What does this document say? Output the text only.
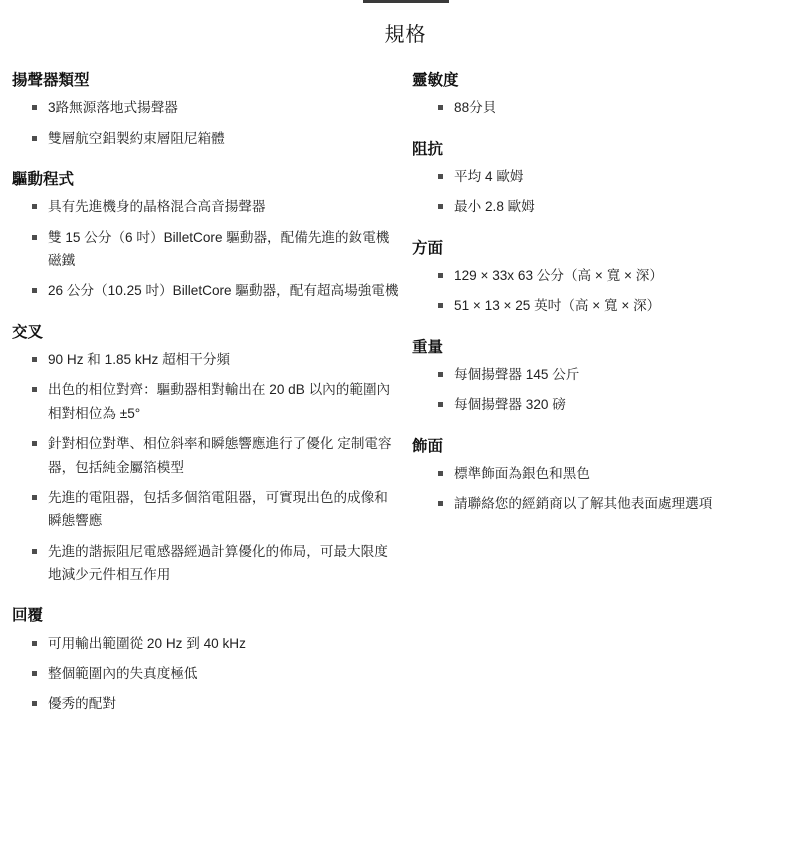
規格
揚聲器類型
3路無源落地式揚聲器
雙層航空鋁製約束層阻尼箱體
驅動程式
具有先進機身的晶格混合高音揚聲器
雙 15 公分（6 吋）BilletCore 驅動器，配備先進的釹電機磁鐵
26 公分（10.25 吋）BilletCore 驅動器，配有超高場強電機
交叉
90 Hz 和 1.85 kHz 超相干分頻
出色的相位對齊：驅動器相對輸出在 20 dB 以內的範圍內相對相位為 ±5°
針對相位對準、相位斜率和瞬態響應進行了優化 定制電容器，包括純金屬箔模型
先進的電阻器，包括多個箔電阻器，可實現出色的成像和瞬態響應
先進的諧振阻尼電感器經過計算優化的佈局，可最大限度地減少元件相互作用
回覆
可用輸出範圍從 20 Hz 到 40 kHz
整個範圍內的失真度極低
優秀的配對
靈敏度
88分貝
阻抗
平均 4 歐姆
最小 2.8 歐姆
方面
129 × 33x 63 公分（高 × 寬 × 深）
51 × 13 × 25 英吋（高 × 寬 × 深）
重量
每個揚聲器 145 公斤
每個揚聲器 320 磅
飾面
標準飾面為銀色和黑色
請聯絡您的經銷商以了解其他表面處理選項
